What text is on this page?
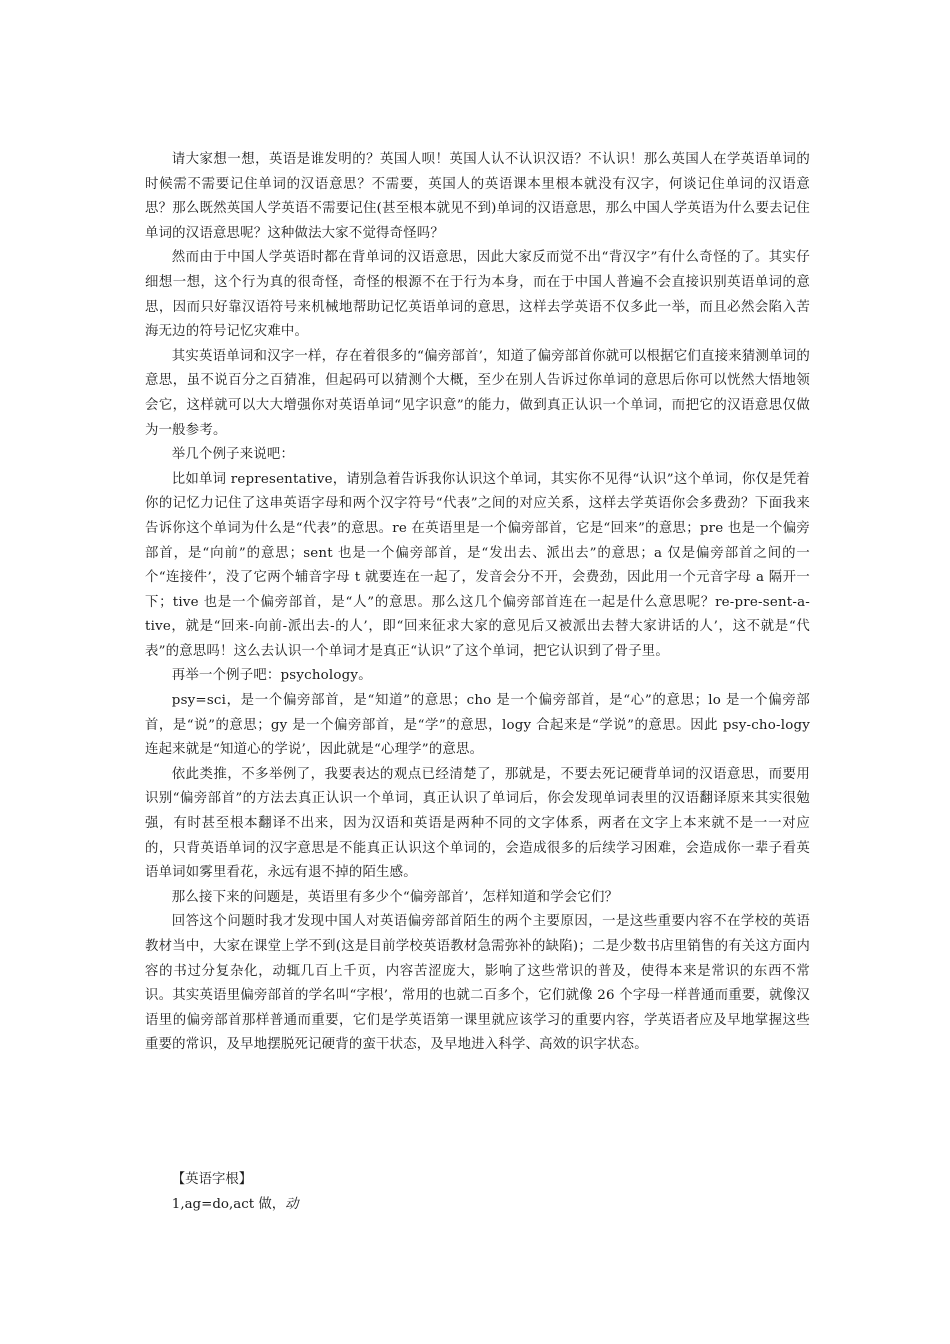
请大家想一想，英语是谁发明的？英国人呗！英国人认不认识汉语？不认识！那么英国人在学英语单词的时候需不需要记住单词的汉语意思？不需要，英国人的英语课本里根本就没有汉字，何谈记住单词的汉语意思？那么既然英国人学英语不需要记住(甚至根本就见不到)单词的汉语意思，那么中国人学英语为什么要去记住单词的汉语意思呢？这种做法大家不觉得奇怪吗？

然而由于中国人学英语时都在背单词的汉语意思，因此大家反而觉不出“背汉字”有什么奇怪的了。其实仔细想一想，这个行为真的很奇怪，奇怪的根源不在于行为本身，而在于中国人普遍不会直接识别英语单词的意思，因而只好靠汉语符号来机械地帮助记忆英语单词的意思，这样去学英语不仅多此一举，而且必然会陷入苦海无边的符号记忆灾难中。

其实英语单词和汉字一样，存在着很多的“偏旁部首’，知道了偏旁部首你就可以根据它们直接来猜测单词的意思，虽不说百分之百猜准，但起码可以猜测个大概，至少在别人告诉过你单词的意思后你可以恍然大悟地领会它，这样就可以大大增强你对英语单词“见字识意”的能力，做到真正认识一个单词，而把它的汉语意思仅做为一般参考。

举几个例子来说吧：

比如单词 representative，请别急着告诉我你认识这个单词，其实你不见得“认识”这个单词，你仅是凭着你的记忆力记住了这串英语字母和两个汉字符号“代表”之间的对应关系，这样去学英语你会多费劲？下面我来告诉你这个单词为什么是“代表”的意思。re 在英语里是一个偏旁部首，它是“回来”的意思；pre 也是一个偏旁部首，是“向前”的意思；sent 也是一个偏旁部首，是“发出去、派出去”的意思；a 仅是偏旁部首之间的一个“连接件’，没了它两个辅音字母 t 就要连在一起了，发音会分不开，会费劲，因此用一个元音字母 a 隔开一下；tive 也是一个偏旁部首，是“人”的意思。那么这几个偏旁部首连在一起是什么意思呢？re-pre-sent-a-tive，就是“回来-向前-派出去-的人’，即“回来征求大家的意见后又被派出去替大家讲话的人’，这不就是“代表”的意思吗！这么去认识一个单词才是真正“认识”了这个单词，把它认识到了骨子里。

再举一个例子吧：psychology。

psy=sci，是一个偏旁部首，是“知道”的意思；cho 是一个偏旁部首，是“心”的意思；lo 是一个偏旁部首，是“说”的意思；gy 是一个偏旁部首，是“学”的意思，logy 合起来是“学说”的意思。因此 psy-cho-logy 连起来就是“知道心的学说’，因此就是“心理学”的意思。

依此类推，不多举例了，我要表达的观点已经清楚了，那就是，不要去死记硬背单词的汉语意思，而要用识别“偏旁部首”的方法去真正认识一个单词，真正认识了单词后，你会发现单词表里的汉语翻译原来其实很勉强，有时甚至根本翻译不出来，因为汉语和英语是两种不同的文字体系，两者在文字上本来就不是一一对应的，只背英语单词的汉字意思是不能真正认识这个单词的，会造成很多的后续学习困难，会造成你一辈子看英语单词如雾里看花，永远有退不掉的陌生感。

那么接下来的问题是，英语里有多少个“偏旁部首’，怎样知道和学会它们？

回答这个问题时我才发现中国人对英语偏旁部首陌生的两个主要原因，一是这些重要内容不在学校的英语教材当中，大家在课堂上学不到(这是目前学校英语教材急需弥补的缺陷)；二是少数书店里销售的有关这方面内容的书过分复杂化，动辄几百上千页，内容苦涩庞大，影响了这些常识的普及，使得本来是常识的东西不常识。其实英语里偏旁部首的学名叫“字根’，常用的也就二百多个，它们就像 26 个字母一样普通而重要，就像汉语里的偏旁部首那样普通而重要，它们是学英语第一课里就应该学习的重要内容，学英语者应及早地掌握这些重要的常识，及早地摆脱死记硬背的蛮干状态，及早地进入科学、高效的识字状态。

【英语字根】

1,ag=do,act 做，动
